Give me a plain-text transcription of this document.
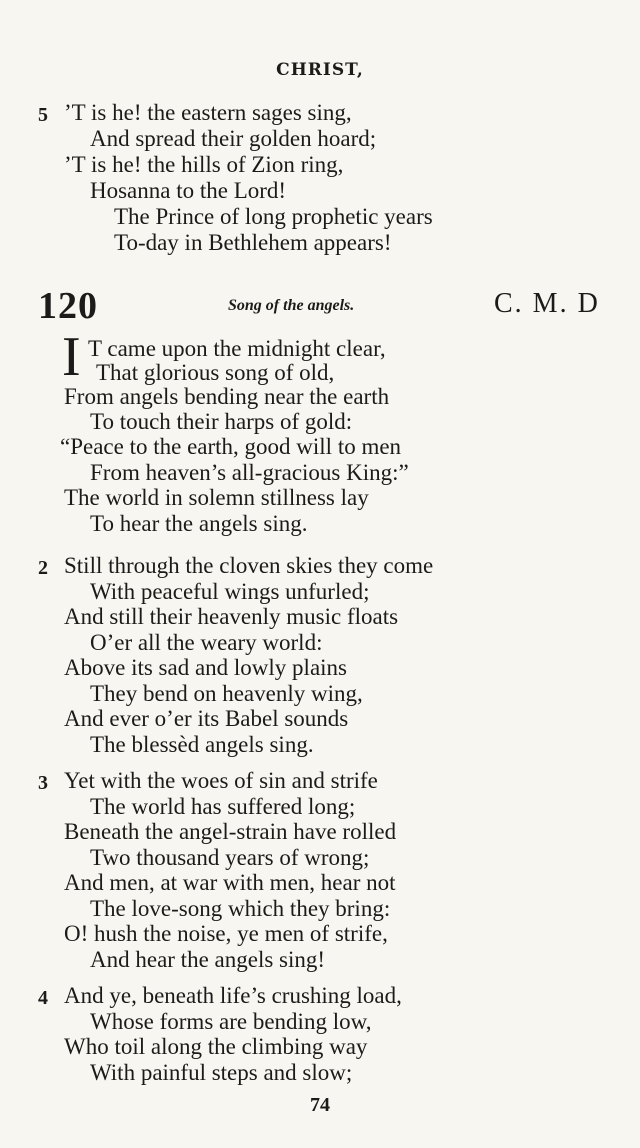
CHRIST,
5 ’T is he! the eastern sages sing,
And spread their golden hoard;
’T is he! the hills of Zion ring,
Hosanna to the Lord!
The Prince of long prophetic years
To-day in Bethlehem appears!
120	Song of the angels.	C. M. D
I T came upon the midnight clear,
That glorious song of old,
From angels bending near the earth
To touch their harps of gold:
“Peace to the earth, good will to men
From heaven’s all-gracious King:”
The world in solemn stillness lay
To hear the angels sing.
2 Still through the cloven skies they come
With peaceful wings unfurled;
And still their heavenly music floats
O’er all the weary world:
Above its sad and lowly plains
They bend on heavenly wing,
And ever o’er its Babel sounds
The blessèd angels sing.
3 Yet with the woes of sin and strife
The world has suffered long;
Beneath the angel-strain have rolled
Two thousand years of wrong;
And men, at war with men, hear not
The love-song which they bring:
O! hush the noise, ye men of strife,
And hear the angels sing!
4 And ye, beneath life’s crushing load,
Whose forms are bending low,
Who toil along the climbing way
With painful steps and slow;
74
